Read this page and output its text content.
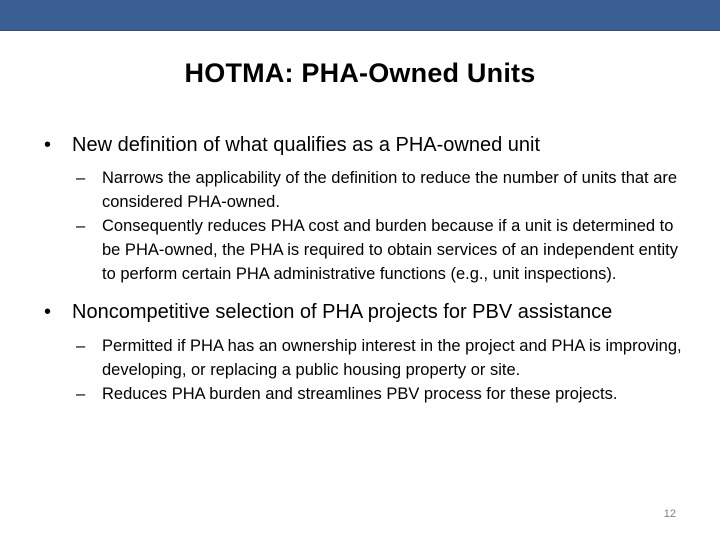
HOTMA: PHA-Owned Units
• New definition of what qualifies as a PHA-owned unit
– Narrows the applicability of the definition to reduce the number of units that are considered PHA-owned.
– Consequently reduces PHA cost and burden because if a unit is determined to be PHA-owned, the PHA is required to obtain services of an independent entity to perform certain PHA administrative functions (e.g., unit inspections).
• Noncompetitive selection of PHA projects for PBV assistance
– Permitted if PHA has an ownership interest in the project and PHA is improving, developing, or replacing a public housing property or site.
– Reduces PHA burden and streamlines PBV process for these projects.
12
